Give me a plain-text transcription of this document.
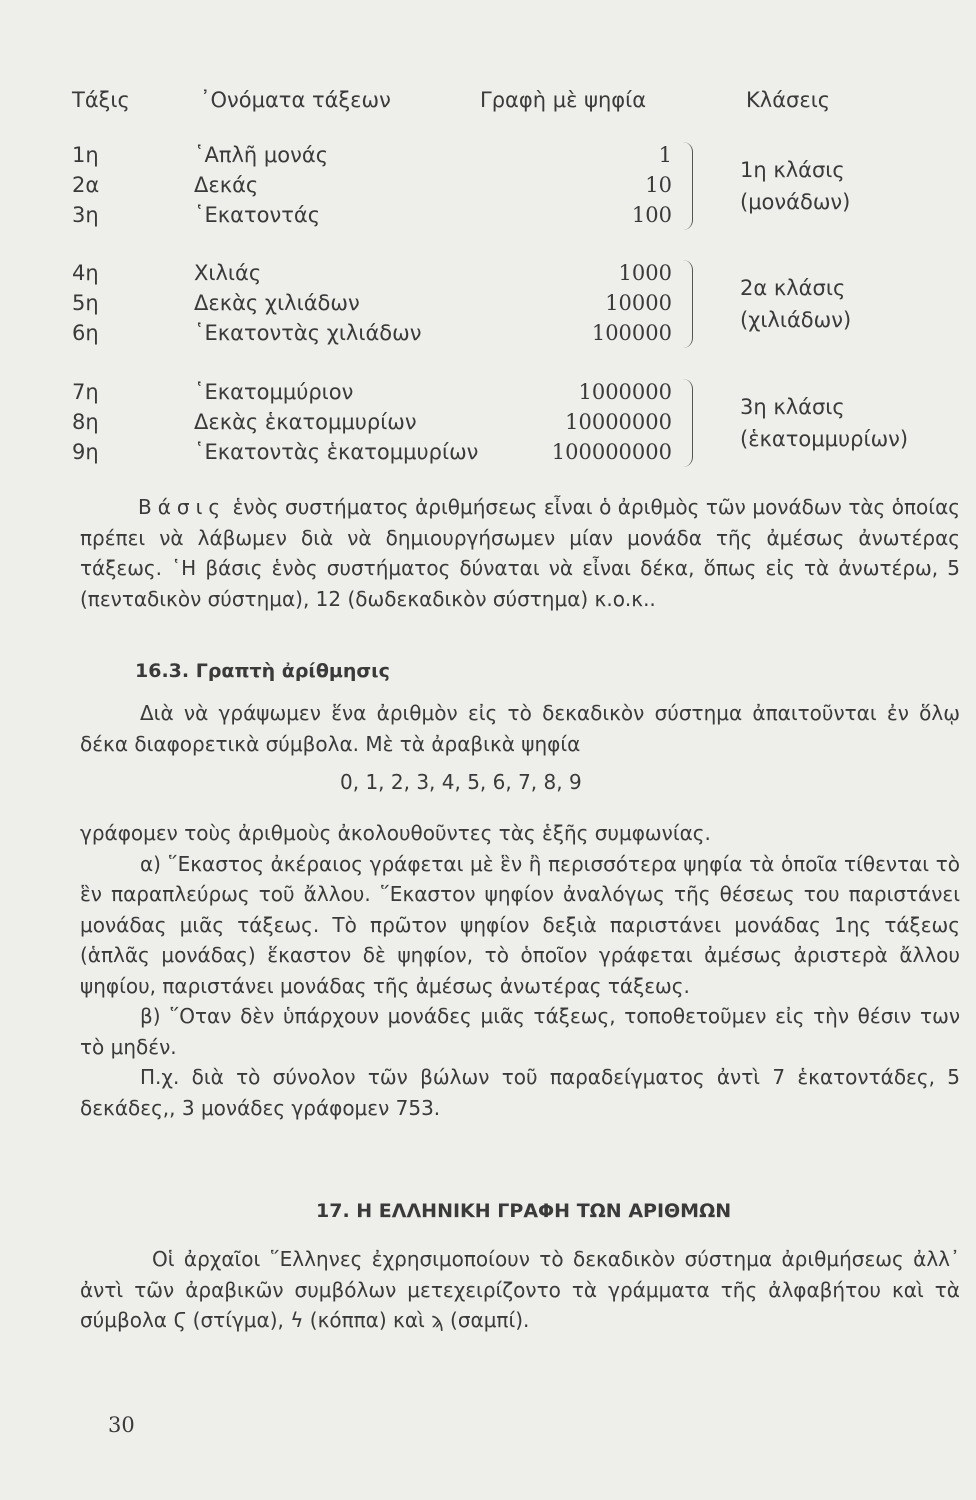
Τάξις	᾿Ονόματα τάξεων	Γραφὴ μὲ ψηφία	Κλάσεις
1η	῾Απλῆ μονάς	1
2α	Δεκάς	10
3η	῾Εκατοντάς	100
1η κλάσις
(μονάδων)
4η	Χιλιάς	1000
5η	Δεκὰς χιλιάδων	10000
6η	῾Εκατοντὰς χιλιάδων	100000
2α κλάσις
(χιλιάδων)
7η	῾Εκατομμύριον	1000000
8η	Δεκὰς ἑκατομμυρίων	10000000
9η	῾Εκατοντὰς ἑκατομμυρίων	100000000
3η κλάσις
(ἑκατομμυρίων)

Βάσις ἑνὸς συστήματος ἀριθμήσεως εἶναι ὁ ἀριθμὸς τῶν μονάδων τὰς ὁποίας πρέπει νὰ λάβωμεν διὰ νὰ δημιουργήσωμεν μίαν μονάδα τῆς ἀμέσως ἀνωτέρας τάξεως. ῾Η βάσις ἑνὸς συστήματος δύναται νὰ εἶναι δέκα, ὅπως εἰς τὰ ἀνωτέρω, 5 (πενταδικὸν σύστημα), 12 (δωδεκαδικὸν σύστημα) κ.ο.κ..

16.3. Γραπτὴ ἀρίθμησις

Διὰ νὰ γράψωμεν ἕνα ἀριθμὸν εἰς τὸ δεκαδικὸν σύστημα ἀπαιτοῦνται ἐν ὅλῳ δέκα διαφορετικὰ σύμβολα. Μὲ τὰ ἀραβικὰ ψηφία

0, 1, 2, 3, 4, 5, 6, 7, 8, 9

γράφομεν τοὺς ἀριθμοὺς ἀκολουθοῦντες τὰς ἑξῆς συμφωνίας.

α) ῞Εκαστος ἀκέραιος γράφεται μὲ ἓν ἢ περισσότερα ψηφία τὰ ὁποῖα τίθενται τὸ ἓν παραπλεύρως τοῦ ἄλλου. ῞Εκαστον ψηφίον ἀναλόγως τῆς θέσεως του παριστάνει μονάδας μιᾶς τάξεως. Τὸ πρῶτον ψηφίον δεξιὰ παριστάνει μονάδας 1ης τάξεως (ἁπλᾶς μονάδας) ἕκαστον δὲ ψηφίον, τὸ ὁποῖον γράφεται ἀμέσως ἀριστερὰ ἄλλου ψηφίου, παριστάνει μονάδας τῆς ἀμέσως ἀνωτέρας τάξεως.

β) ῞Οταν δὲν ὑπάρχουν μονάδες μιᾶς τάξεως, τοποθετοῦμεν εἰς τὴν θέσιν των τὸ μηδέν.

Π.χ. διὰ τὸ σύνολον τῶν βώλων τοῦ παραδείγματος ἀντὶ 7 ἑκατοντάδες, 5 δεκάδες,, 3 μονάδες γράφομεν 753.

17. Η ΕΛΛΗΝΙΚΗ ΓΡΑΦΗ ΤΩΝ ΑΡΙΘΜΩΝ

Οἱ ἀρχαῖοι ῞Ελληνες ἐχρησιμοποίουν τὸ δεκαδικὸν σύστημα ἀριθμήσεως ἀλλ᾿ ἀντὶ τῶν ἀραβικῶν συμβόλων μετεχειρίζοντο τὰ γράμματα τῆς ἀλφαβήτου καὶ τὰ σύμβολα Ϛ (στίγμα), ϟ (κόππα) καὶ ϡ (σαμπί).

30
